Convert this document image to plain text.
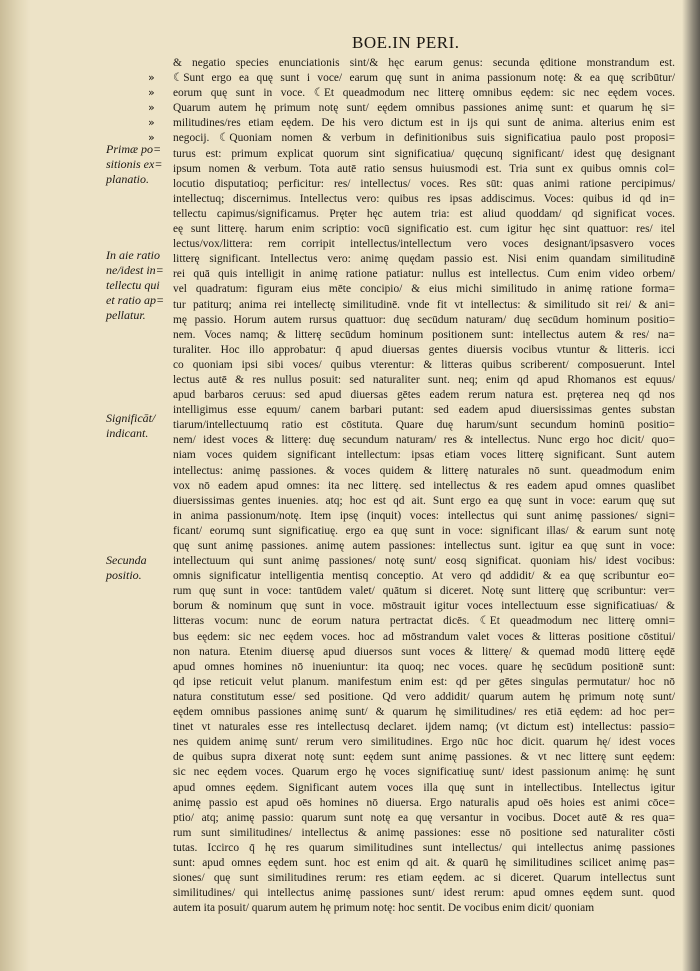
BOE.IN PERI.
»
»
»
»
»
Primæ po=
sitionis ex=
planatio.
In aie ratio
ne/idest in=
tellectu qui
et ratio ap=
pellatur.
Significāt/
indicant.
Secunda
positio.
& negatio species enunciationis sint/& hęc earum genus: secunda ęditione monstrandum est.
☾Sunt ergo ea quę sunt i voce/ earum quę sunt in anima passionum notę: & ea quę scribūtur/
eorum quę sunt in voce. ☾Et queadmodum nec litterę omnibus eędem: sic nec eędem voces.
Quarum autem hę primum notę sunt/ eędem omnibus passiones animę sunt: et quarum hę si=
militudines/res etiam eędem. De his vero dictum est in ijs qui sunt de anima. alterius enim est
negocij. ☾Quoniam nomen & verbum in definitionibus suis significatiua paulo post proposi=
turus est: primum explicat quorum sint significatiua/ quęcunq significant/ idest quę designant
ipsum nomen & verbum. Tota autē ratio sensus huiusmodi est. Tria sunt ex quibus omnis col=
locutio disputatioq; perficitur: res/ intellectus/ voces. Res sūt: quas animi ratione percipimus/
intellectuq; discernimus. Intellectus vero: quibus res ipsas addiscimus. Voces: quibus id qd in=
tellectu capimus/significamus. Pręter hęc autem tria: est aliud quoddam/ qd significat voces.
eę sunt litterę. harum enim scriptio: vocū significatio est. cum igitur hęc sint quattuor: res/ itel
lectus/vox/littera: rem corripit intellectus/intellectum vero voces designant/ipsasvero voces
litterę significant. Intellectus vero: animę quędam passio est. Nisi enim quandam similitudinē
rei quā quis intelligit in animę ratione patiatur: nullus est intellectus. Cum enim video orbem/
vel quadratum: figuram eius mēte concipio/ & eius michi similitudo in animę ratione forma=
tur patiturq; anima rei intellectę similitudinē. vnde fit vt intellectus: & similitudo sit rei/ & ani=
mę passio. Horum autem rursus quattuor: duę secūdum naturam/ duę secūdum hominum positio=
nem. Voces namq; & litterę secūdum hominum positionem sunt: intellectus autem & res/ na=
turaliter. Hoc illo approbatur: q̄ apud diuersas gentes diuersis vocibus vtuntur & litteris. icci
co quoniam ipsi sibi voces/ quibus vterentur: & litteras quibus scriberent/ composuerunt. Intel
lectus autē & res nullus posuit: sed naturaliter sunt. neq; enim qd apud Rhomanos est equus/
apud barbaros ceruus: sed apud diuersas gētes eadem rerum natura est. pręterea neq qd nos
intelligimus esse equum/ canem barbari putant: sed eadem apud diuersissimas gentes substan
tiarum/intellectuumq ratio est cōstituta. Quare duę harum/sunt secundum hominū positio=
nem/ idest voces & litterę: duę secundum naturam/ res & intellectus. Nunc ergo hoc dicit/ quo=
niam voces quidem significant intellectum: ipsas etiam voces litterę significant. Sunt autem
intellectus: animę passiones. & voces quidem & litterę naturales nō sunt. queadmodum enim
vox nō eadem apud omnes: ita nec litterę. sed intellectus & res eadem apud omnes quaslibet
diuersissimas gentes inuenies. atq; hoc est qd ait. Sunt ergo ea quę sunt in voce: earum quę sut
in anima passionum/notę. Item ipsę (inquit) voces: intellectus qui sunt animę passiones/ signi=
ficant/ eorumq sunt significatiuę. ergo ea quę sunt in voce: significant illas/ & earum sunt notę
quę sunt animę passiones. animę autem passiones: intellectus sunt. igitur ea quę sunt in voce:
intellectuum qui sunt animę passiones/ notę sunt/ eosq significat. quoniam his/ idest vocibus:
omnis significatur intelligentia mentisq conceptio. At vero qd addidit/ & ea quę scribuntur eo=
rum quę sunt in voce: tantūdem valet/ quātum si diceret. Notę sunt litterę quę scribuntur: ver=
borum & nominum quę sunt in voce. mōstrauit igitur voces intellectuum esse significatiuas/ &
litteras vocum: nunc de eorum natura pertractat dicēs. ☾Et queadmodum nec litterę omni=
bus eędem: sic nec eędem voces. hoc ad mōstrandum valet voces & litteras positione cōstitui/
non natura. Etenim diuersę apud diuersos sunt voces & litterę/ & quemad modū litterę eędē
apud omnes homines nō inueniuntur: ita quoq; nec voces. quare hę secūdum positionē sunt:
qd ipse reticuit velut planum. manifestum enim est: qd per gētes singulas permutatur/ hoc nō
natura constitutum esse/ sed positione. Qd vero addidit/ quarum autem hę primum notę sunt/
eędem omnibus passiones animę sunt/ & quarum hę similitudines/ res etiā eędem: ad hoc per=
tinet vt naturales esse res intellectusq declaret. ijdem namq; (vt dictum est) intellectus: passio=
nes quidem animę sunt/ rerum vero similitudines. Ergo nūc hoc dicit. quarum hę/ idest voces
de quibus supra dixerat notę sunt: eędem sunt animę passiones. & vt nec litterę sunt eędem:
sic nec eędem voces. Quarum ergo hę voces significatiuę sunt/ idest passionum animę: hę sunt
apud omnes eędem. Significant autem voces illa quę sunt in intellectibus. Intellectus igitur
animę passio est apud oēs homines nō diuersa. Ergo naturalis apud oēs hoies est animi cōce=
ptio/ atq; animę passio: quarum sunt notę ea quę versantur in vocibus. Docet autē & res qua=
rum sunt similitudines/ intellectus & animę passiones: esse nō positione sed naturaliter cōsti
tutas. Iccirco q̄ hę res quarum similitudines sunt intellectus/ qui intellectus animę passiones
sunt: apud omnes eędem sunt. hoc est enim qd ait. & quarū hę similitudines scilicet animę pas=
siones/ quę sunt similitudines rerum: res etiam eędem. ac si diceret. Quarum intellectus sunt
similitudines/ qui intellectus animę passiones sunt/ idest rerum: apud omnes eędem sunt. quod
autem ita posuit/ quarum autem hę primum notę: hoc sentit. De vocibus enim dicit/ quoniam
